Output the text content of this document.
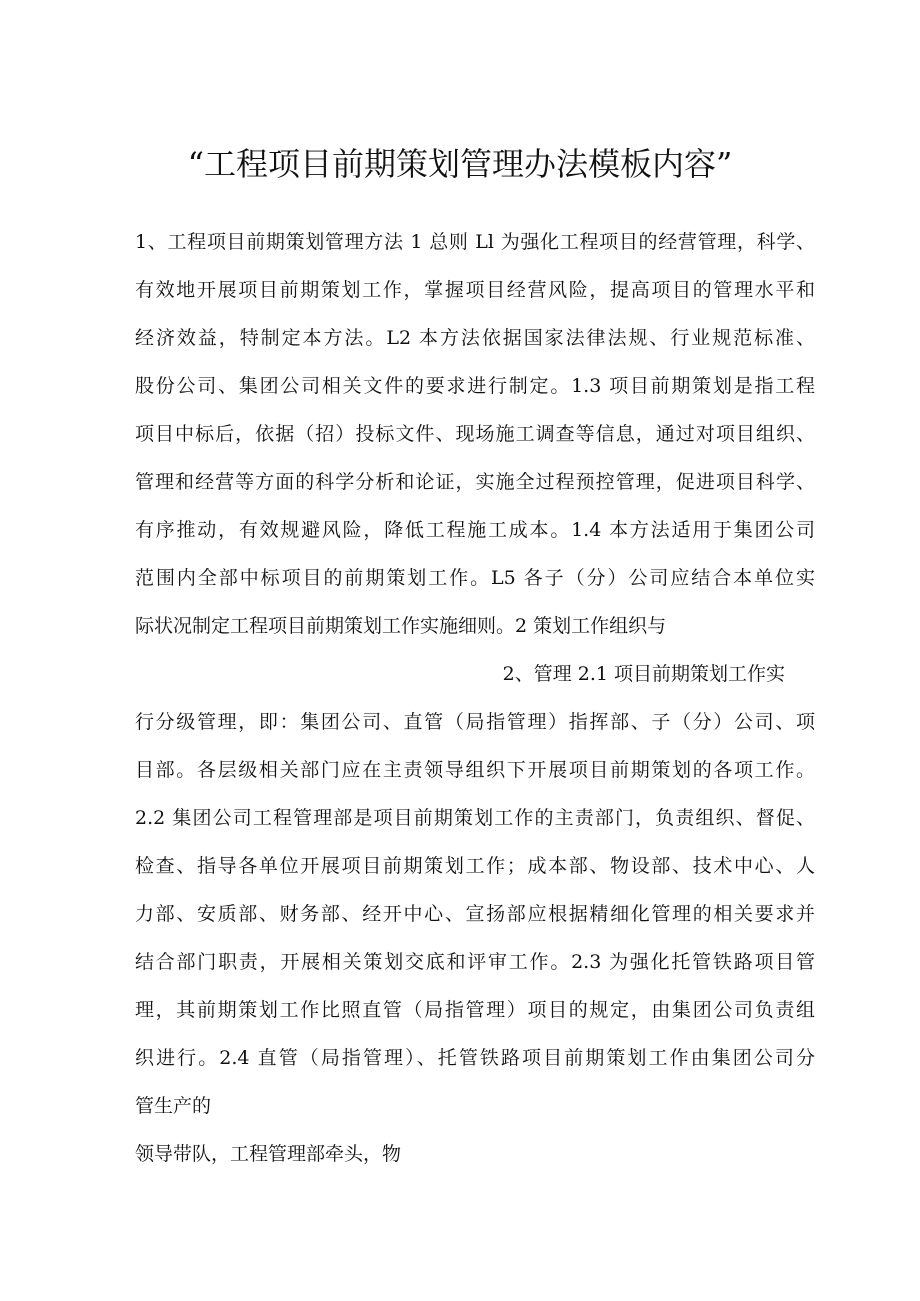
“工程项目前期策划管理办法模板内容”
1、工程项目前期策划管理方法 1 总则 Ll 为强化工程项目的经营管理，科学、
有效地开展项目前期策划工作，掌握项目经营风险，提高项目的管理水平和
经济效益，特制定本方法。L2 本方法依据国家法律法规、行业规范标准、
股份公司、集团公司相关文件的要求进行制定。1.3 项目前期策划是指工程
项目中标后，依据（招）投标文件、现场施工调查等信息，通过对项目组织、
管理和经营等方面的科学分析和论证，实施全过程预控管理，促进项目科学、
有序推动，有效规避风险，降低工程施工成本。1.4 本方法适用于集团公司
范围内全部中标项目的前期策划工作。L5 各子（分）公司应结合本单位实
际状况制定工程项目前期策划工作实施细则。2 策划工作组织与
2、管理 2.1 项目前期策划工作实
行分级管理，即：集团公司、直管（局指管理）指挥部、子（分）公司、项
目部。各层级相关部门应在主责领导组织下开展项目前期策划的各项工作。
2.2 集团公司工程管理部是项目前期策划工作的主责部门，负责组织、督促、
检查、指导各单位开展项目前期策划工作；成本部、物设部、技术中心、人
力部、安质部、财务部、经开中心、宣扬部应根据精细化管理的相关要求并
结合部门职责，开展相关策划交底和评审工作。2.3 为强化托管铁路项目管
理，其前期策划工作比照直管（局指管理）项目的规定，由集团公司负责组
织进行。2.4 直管（局指管理）、托管铁路项目前期策划工作由集团公司分
管生产的
领导带队，工程管理部牵头，物
